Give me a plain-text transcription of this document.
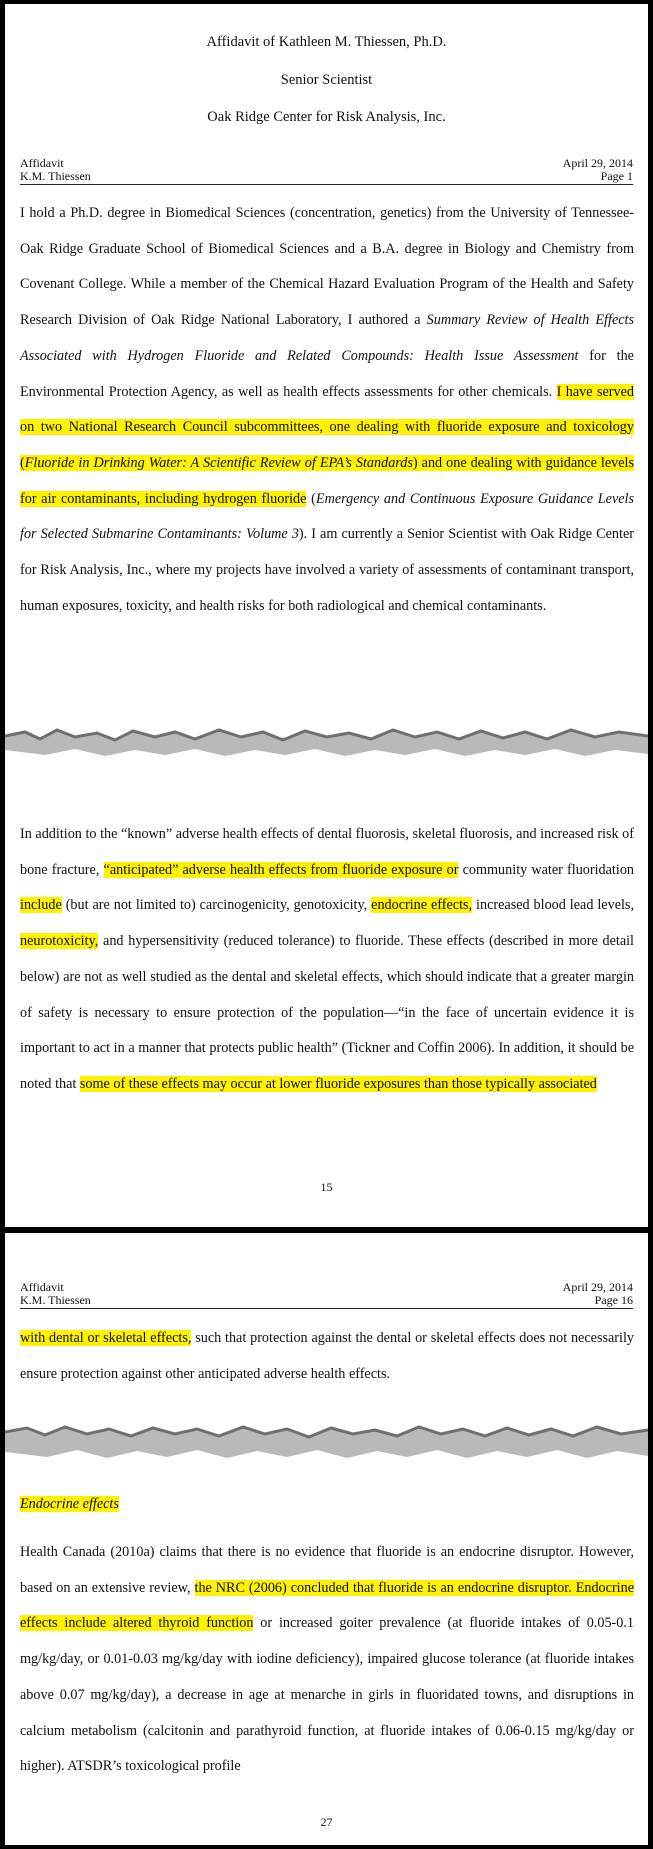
Affidavit of Kathleen M. Thiessen, Ph.D.
Senior Scientist
Oak Ridge Center for Risk Analysis, Inc.
Affidavit
K.M. Thiessen
April 29, 2014
Page 1

I hold a Ph.D. degree in Biomedical Sciences (concentration, genetics) from the University of Tennessee-Oak Ridge Graduate School of Biomedical Sciences and a B.A. degree in Biology and Chemistry from Covenant College. While a member of the Chemical Hazard Evaluation Program of the Health and Safety Research Division of Oak Ridge National Laboratory, I authored a Summary Review of Health Effects Associated with Hydrogen Fluoride and Related Compounds: Health Issue Assessment for the Environmental Protection Agency, as well as health effects assessments for other chemicals. I have served on two National Research Council subcommittees, one dealing with fluoride exposure and toxicology (Fluoride in Drinking Water: A Scientific Review of EPA’s Standards) and one dealing with guidance levels for air contaminants, including hydrogen fluoride (Emergency and Continuous Exposure Guidance Levels for Selected Submarine Contaminants: Volume 3). I am currently a Senior Scientist with Oak Ridge Center for Risk Analysis, Inc., where my projects have involved a variety of assessments of contaminant transport, human exposures, toxicity, and health risks for both radiological and chemical contaminants.

In addition to the “known” adverse health effects of dental fluorosis, skeletal fluorosis, and increased risk of bone fracture, “anticipated” adverse health effects from fluoride exposure or community water fluoridation include (but are not limited to) carcinogenicity, genotoxicity, endocrine effects, increased blood lead levels, neurotoxicity, and hypersensitivity (reduced tolerance) to fluoride. These effects (described in more detail below) are not as well studied as the dental and skeletal effects, which should indicate that a greater margin of safety is necessary to ensure protection of the population—“in the face of uncertain evidence it is important to act in a manner that protects public health” (Tickner and Coffin 2006). In addition, it should be noted that some of these effects may occur at lower fluoride exposures than those typically associated

15
Affidavit
K.M. Thiessen
April 29, 2014
Page 16

with dental or skeletal effects, such that protection against the dental or skeletal effects does not necessarily ensure protection against other anticipated adverse health effects.

Endocrine effects

Health Canada (2010a) claims that there is no evidence that fluoride is an endocrine disruptor. However, based on an extensive review, the NRC (2006) concluded that fluoride is an endocrine disruptor. Endocrine effects include altered thyroid function or increased goiter prevalence (at fluoride intakes of 0.05-0.1 mg/kg/day, or 0.01-0.03 mg/kg/day with iodine deficiency), impaired glucose tolerance (at fluoride intakes above 0.07 mg/kg/day), a decrease in age at menarche in girls in fluoridated towns, and disruptions in calcium metabolism (calcitonin and parathyroid function, at fluoride intakes of 0.06-0.15 mg/kg/day or higher). ATSDR’s toxicological profile

27
